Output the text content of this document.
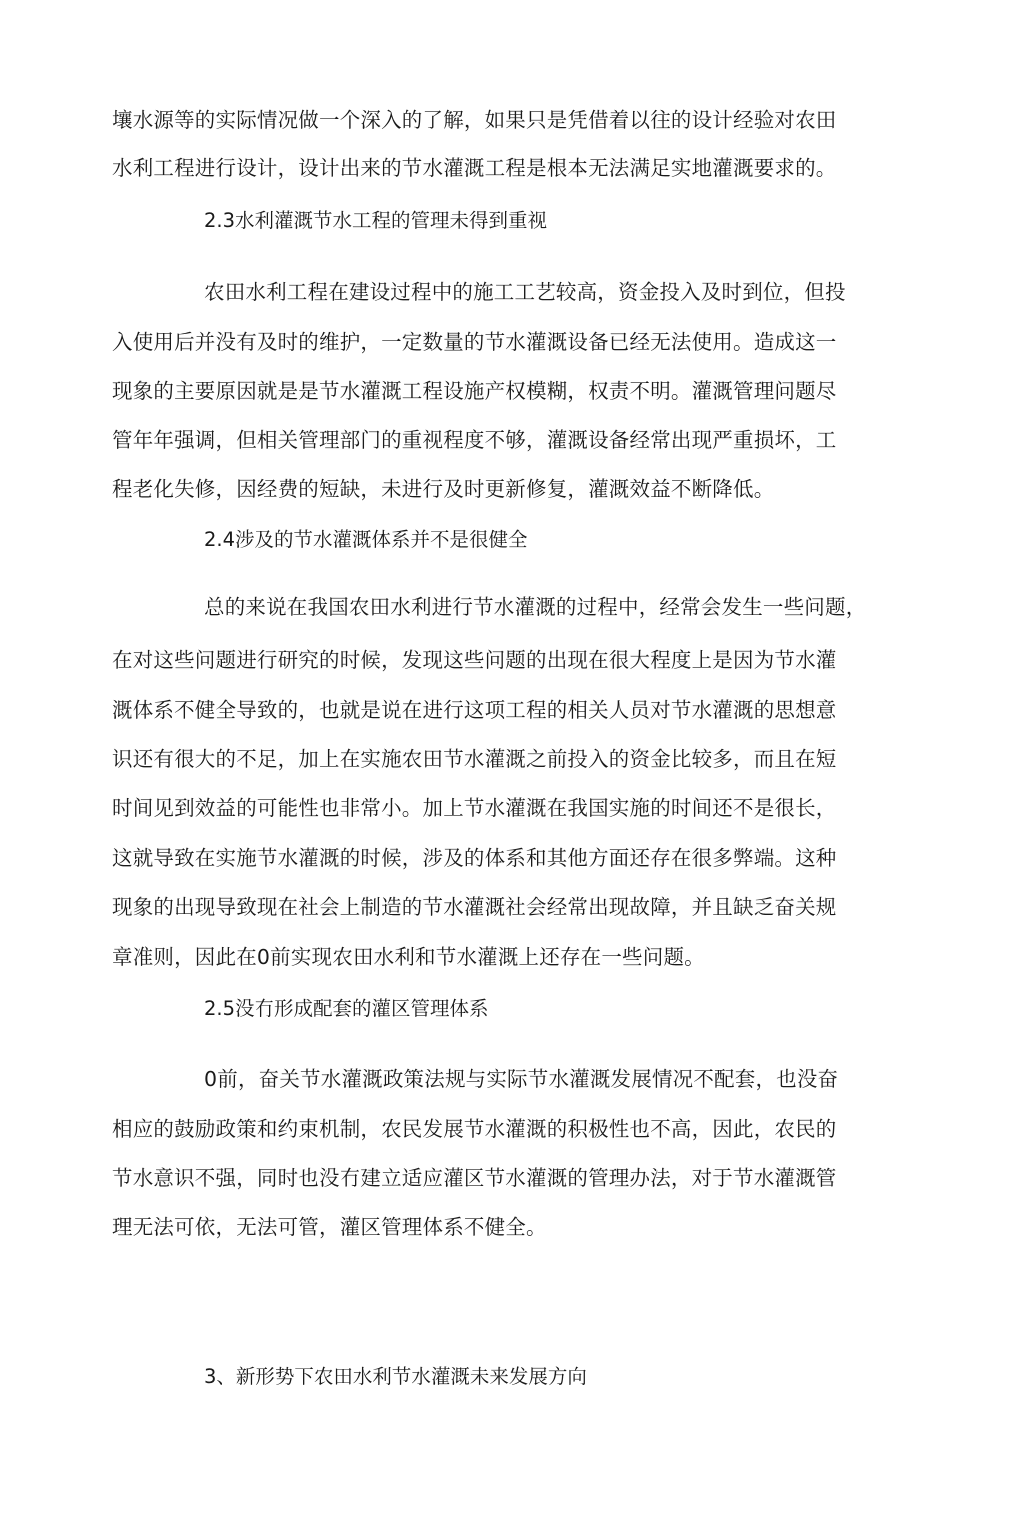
壤水源等的实际情况做一个深入的了解，如果只是凭借着以往的设计经验对农田
水利工程进行设计，设计出来的节水灌溉工程是根本无法满足实地灌溉要求的。
2.3水利灌溉节水工程的管理未得到重视
农田水利工程在建设过程中的施工工艺较高，资金投入及时到位，但投
入使用后并没有及时的维护，一定数量的节水灌溉设备已经无法使用。造成这一
现象的主要原因就是是节水灌溉工程设施产权模糊，权责不明。灌溉管理问题尽
管年年强调，但相关管理部门的重视程度不够，灌溉设备经常出现严重损坏，工
程老化失修，因经费的短缺，未进行及时更新修复，灌溉效益不断降低。
2.4涉及的节水灌溉体系并不是很健全
总的来说在我国农田水利进行节水灌溉的过程中，经常会发生一些问题，
在对这些问题进行研究的时候，发现这些问题的出现在很大程度上是因为节水灌
溉体系不健全导致的，也就是说在进行这项工程的相关人员对节水灌溉的思想意
识还有很大的不足，加上在实施农田节水灌溉之前投入的资金比较多，而且在短
时间见到效益的可能性也非常小。加上节水灌溉在我国实施的时间还不是很长，
这就导致在实施节水灌溉的时候，涉及的体系和其他方面还存在很多弊端。这种
现象的出现导致现在社会上制造的节水灌溉社会经常出现故障，并且缺乏奋关规
章准则，因此在0前实现农田水利和节水灌溉上还存在一些问题。
2.5没冇形成配套的灌区管理体系
0前，奋关节水灌溉政策法规与实际节水灌溉发展情况不配套，也没奋
相应的鼓励政策和约束机制，农民发展节水灌溉的积极性也不高，因此，农民的
节水意识不强，同时也没冇建立适应灌区节水灌溉的管理办法，对于节水灌溉管
理无法可依，无法可管，灌区管理体系不健全。
3、新形势下农田水利节水灌溉未来发展方向
